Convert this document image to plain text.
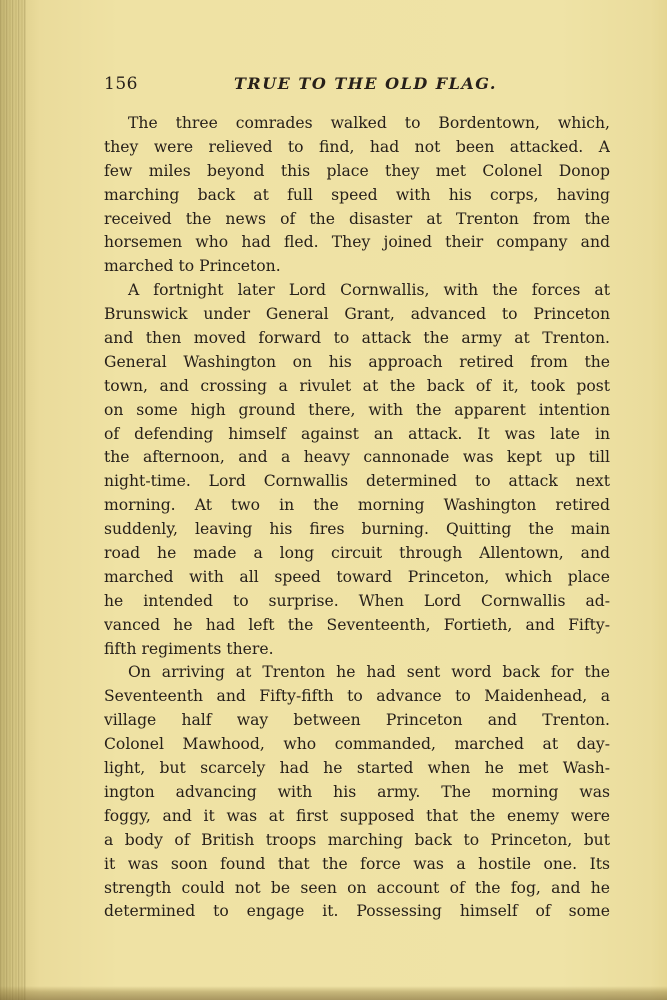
156	TRUE TO THE OLD FLAG.
The three comrades walked to Bordentown, which,
they were relieved to find, had not been attacked. A
few miles beyond this place they met Colonel Donop
marching back at full speed with his corps, having
received the news of the disaster at Trenton from the
horsemen who had fled. They joined their company and
marched to Princeton.
A fortnight later Lord Cornwallis, with the forces at
Brunswick under General Grant, advanced to Princeton
and then moved forward to attack the army at Trenton.
General Washington on his approach retired from the
town, and crossing a rivulet at the back of it, took post
on some high ground there, with the apparent intention
of defending himself against an attack. It was late in
the afternoon, and a heavy cannonade was kept up till
night-time. Lord Cornwallis determined to attack next
morning. At two in the morning Washington retired
suddenly, leaving his fires burning. Quitting the main
road he made a long circuit through Allentown, and
marched with all speed toward Princeton, which place
he intended to surprise. When Lord Cornwallis ad-
vanced he had left the Seventeenth, Fortieth, and Fifty-
fifth regiments there.
On arriving at Trenton he had sent word back for the
Seventeenth and Fifty-fifth to advance to Maidenhead, a
village half way between Princeton and Trenton.
Colonel Mawhood, who commanded, marched at day-
light, but scarcely had he started when he met Wash-
ington advancing with his army. The morning was
foggy, and it was at first supposed that the enemy were
a body of British troops marching back to Princeton, but
it was soon found that the force was a hostile one. Its
strength could not be seen on account of the fog, and he
determined to engage it. Possessing himself of some
